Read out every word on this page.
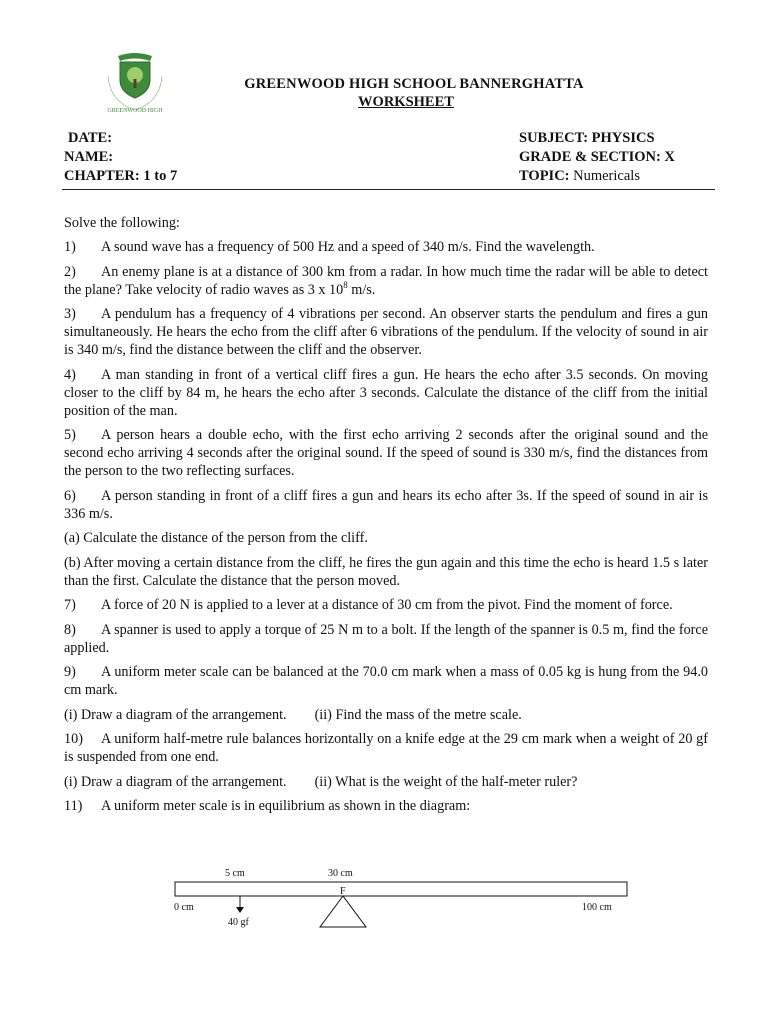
GREENWOOD HIGH
GREENWOOD HIGH SCHOOL BANNERGHATTA
WORKSHEET
DATE:
NAME:
CHAPTER: 1 to 7
SUBJECT: PHYSICS
GRADE & SECTION: X
TOPIC: Numericals

Solve the following:

1) A sound wave has a frequency of 500 Hz and a speed of 340 m/s. Find the wavelength.

2) An enemy plane is at a distance of 300 km from a radar. In how much time the radar will be able to detect the plane? Take velocity of radio waves as 3 x $10^8$ m/s.

3) A pendulum has a frequency of 4 vibrations per second. An observer starts the pendulum and fires a gun simultaneously. He hears the echo from the cliff after 6 vibrations of the pendulum. If the velocity of sound in air is 340 m/s, find the distance between the cliff and the observer.

4) A man standing in front of a vertical cliff fires a gun. He hears the echo after 3.5 seconds. On moving closer to the cliff by 84 m, he hears the echo after 3 seconds. Calculate the distance of the cliff from the initial position of the man.

5) A person hears a double echo, with the first echo arriving 2 seconds after the original sound and the second echo arriving 4 seconds after the original sound. If the speed of sound is 330 m/s, find the distances from the person to the two reflecting surfaces.

6) A person standing in front of a cliff fires a gun and hears its echo after 3s. If the speed of sound in air is 336 m/s.

(a) Calculate the distance of the person from the cliff.

(b) After moving a certain distance from the cliff, he fires the gun again and this time the echo is heard 1.5 s later than the first. Calculate the distance that the person moved.

7) A force of 20 N is applied to a lever at a distance of 30 cm from the pivot. Find the moment of force.

8) A spanner is used to apply a torque of 25 N m to a bolt. If the length of the spanner is 0.5 m, find the force applied.

9) A uniform meter scale can be balanced at the 70.0 cm mark when a mass of 0.05 kg is hung from the 94.0 cm mark.

(i) Draw a diagram of the arrangement. (ii) Find the mass of the metre scale.

10) A uniform half-metre rule balances horizontally on a knife edge at the 29 cm mark when a weight of 20 gf is suspended from one end.

(i) Draw a diagram of the arrangement. (ii) What is the weight of the half-meter ruler?

11) A uniform meter scale is in equilibrium as shown in the diagram:

5 cm	30 cm
F
0 cm	100 cm
40 gf
